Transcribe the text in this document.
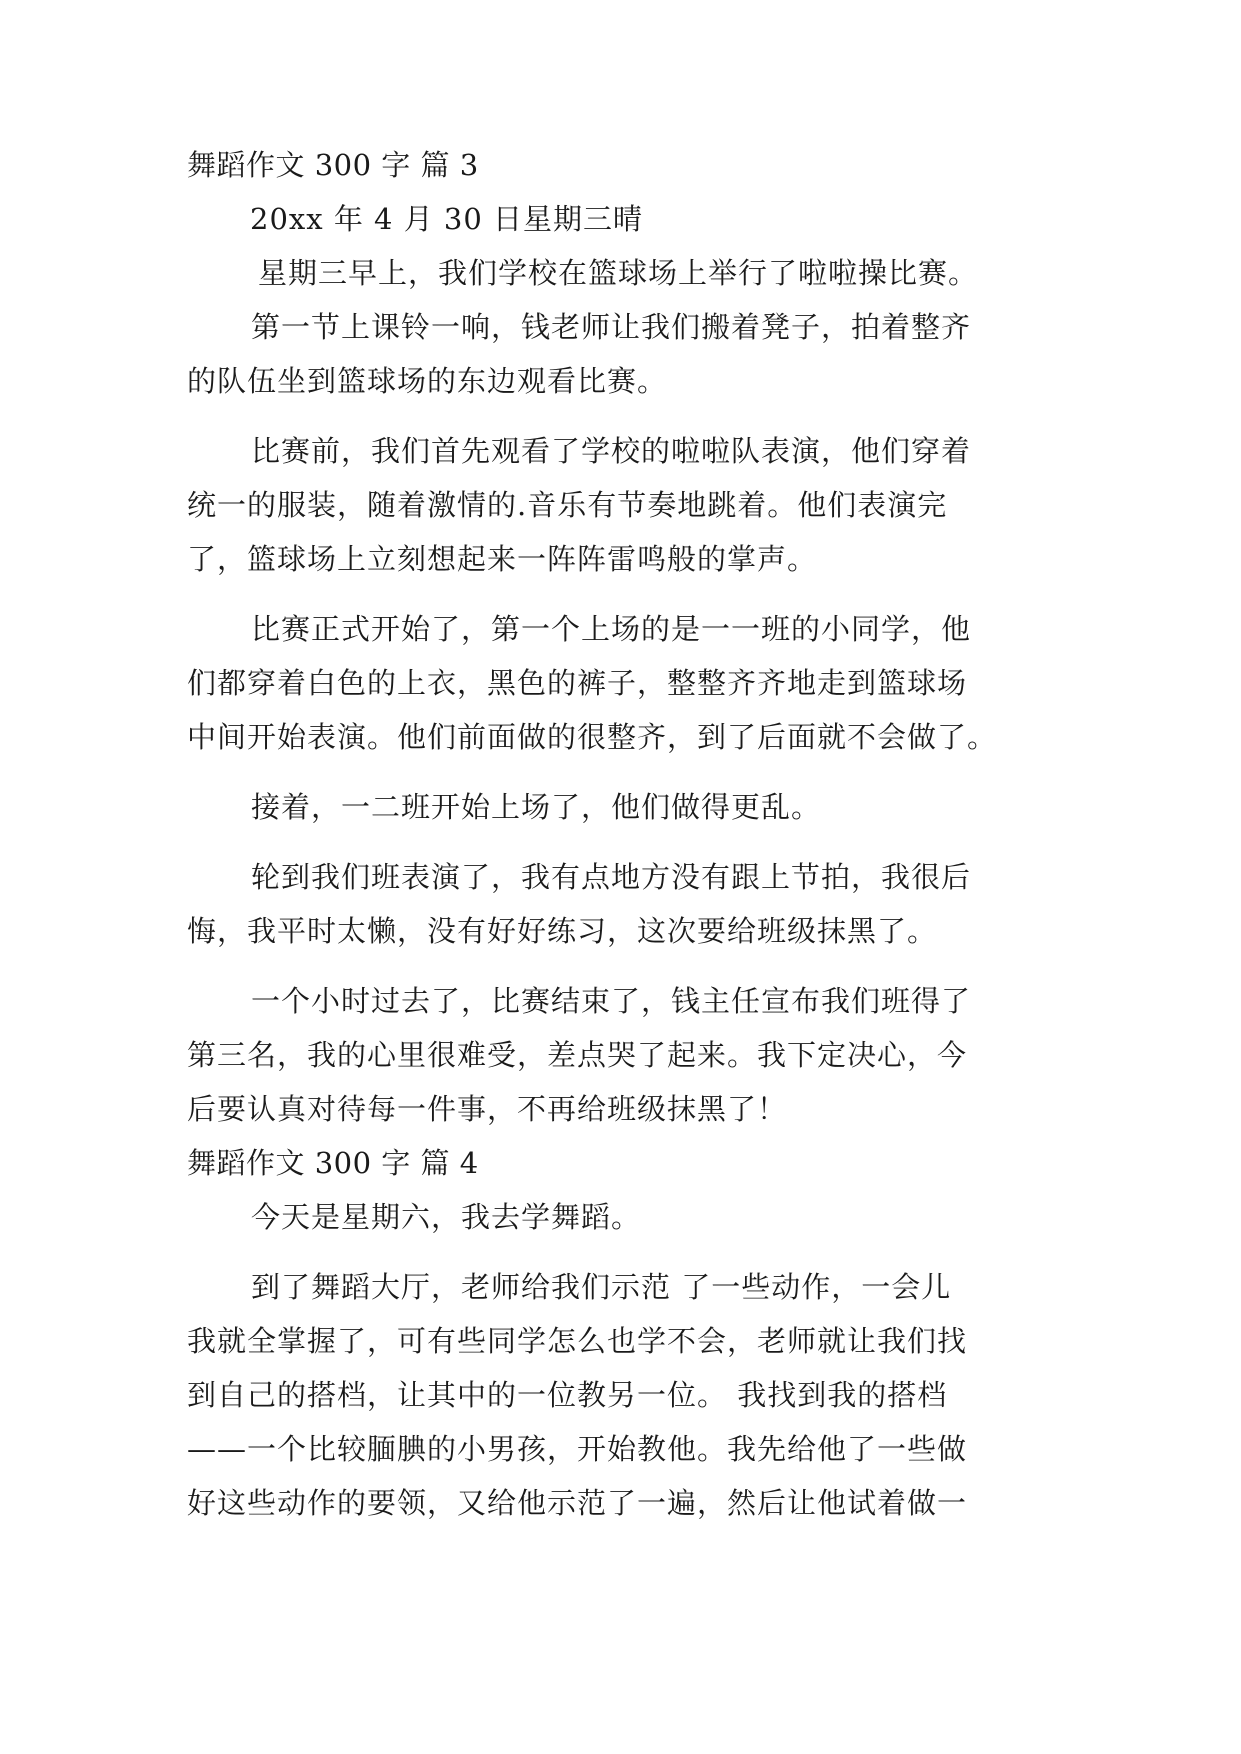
舞蹈作文 300 字 篇 3
20xx 年 4 月 30 日星期三晴
星期三早上，我们学校在篮球场上举行了啦啦操比赛。
第一节上课铃一响，钱老师让我们搬着凳子，拍着整齐
的队伍坐到篮球场的东边观看比赛。
比赛前，我们首先观看了学校的啦啦队表演，他们穿着
统一的服装，随着激情的.音乐有节奏地跳着。他们表演完
了，篮球场上立刻想起来一阵阵雷鸣般的掌声。
比赛正式开始了，第一个上场的是一一班的小同学，他
们都穿着白色的上衣，黑色的裤子，整整齐齐地走到篮球场
中间开始表演。他们前面做的很整齐，到了后面就不会做了。
接着，一二班开始上场了，他们做得更乱。
轮到我们班表演了，我有点地方没有跟上节拍，我很后
悔，我平时太懒，没有好好练习，这次要给班级抹黑了。
一个小时过去了，比赛结束了，钱主任宣布我们班得了
第三名，我的心里很难受，差点哭了起来。我下定决心，今
后要认真对待每一件事，不再给班级抹黑了！
舞蹈作文 300 字 篇 4
今天是星期六，我去学舞蹈。
到了舞蹈大厅，老师给我们示范 了一些动作，一会儿
我就全掌握了，可有些同学怎么也学不会，老师就让我们找
到自己的搭档，让其中的一位教另一位。 我找到我的搭档
——一个比较腼腆的小男孩，开始教他。我先给他了一些做
好这些动作的要领，又给他示范了一遍，然后让他试着做一
